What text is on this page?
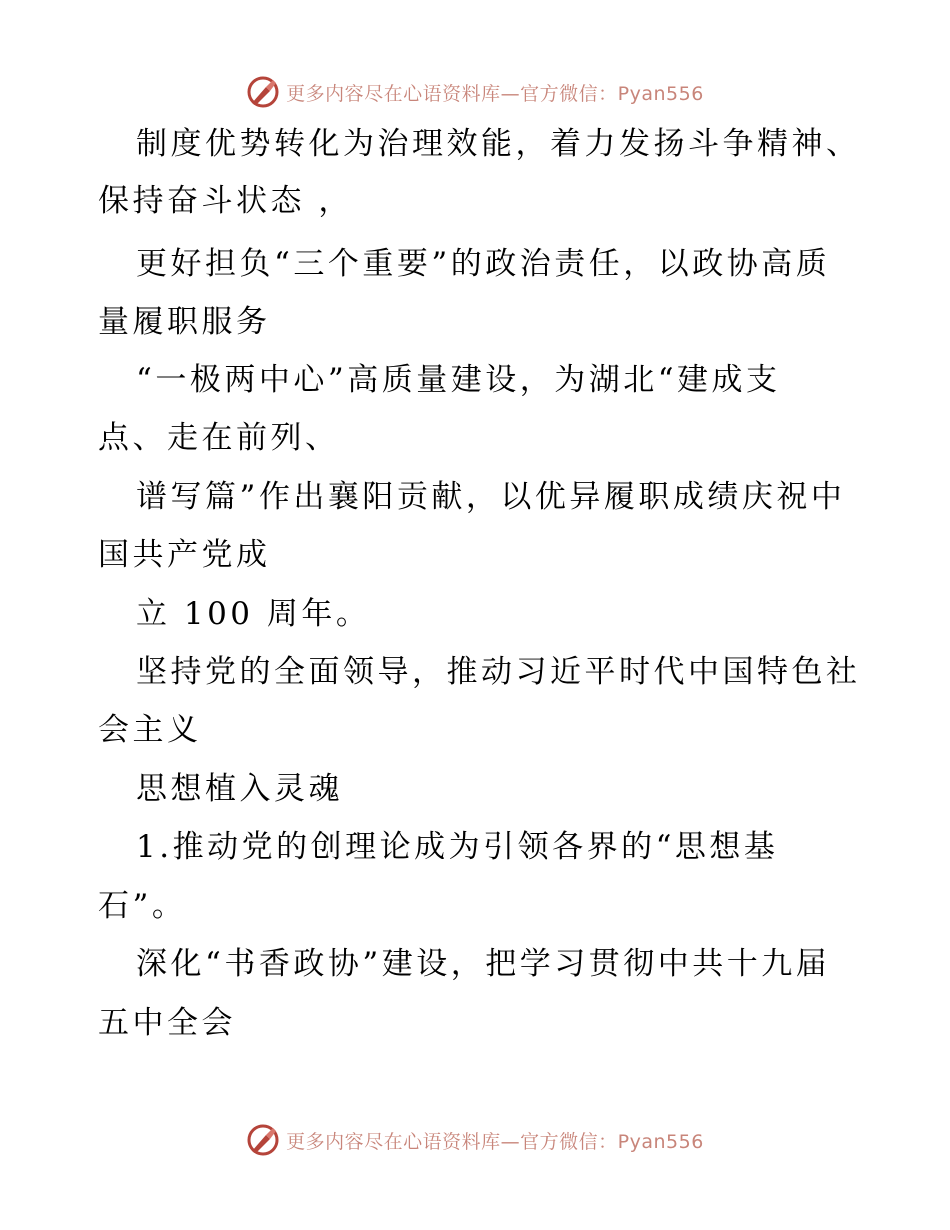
更多内容尽在心语资料库—官方微信：Pyan556
制度优势转化为治理效能，着力发扬斗争精神、
保持奋斗状态 ，
更好担负“三个重要”的政治责任，以政协高质
量履职服务
“一极两中心”高质量建设，为湖北“建成支
点、走在前列、
谱写篇”作出襄阳贡献，以优异履职成绩庆祝中
国共产党成
立 100 周年。
坚持党的全面领导，推动习近平时代中国特色社
会主义
思想植入灵魂
1.推动党的创理论成为引领各界的“思想基
石”。
深化“书香政协”建设，把学习贯彻中共十九届
五中全会
更多内容尽在心语资料库—官方微信：Pyan556
